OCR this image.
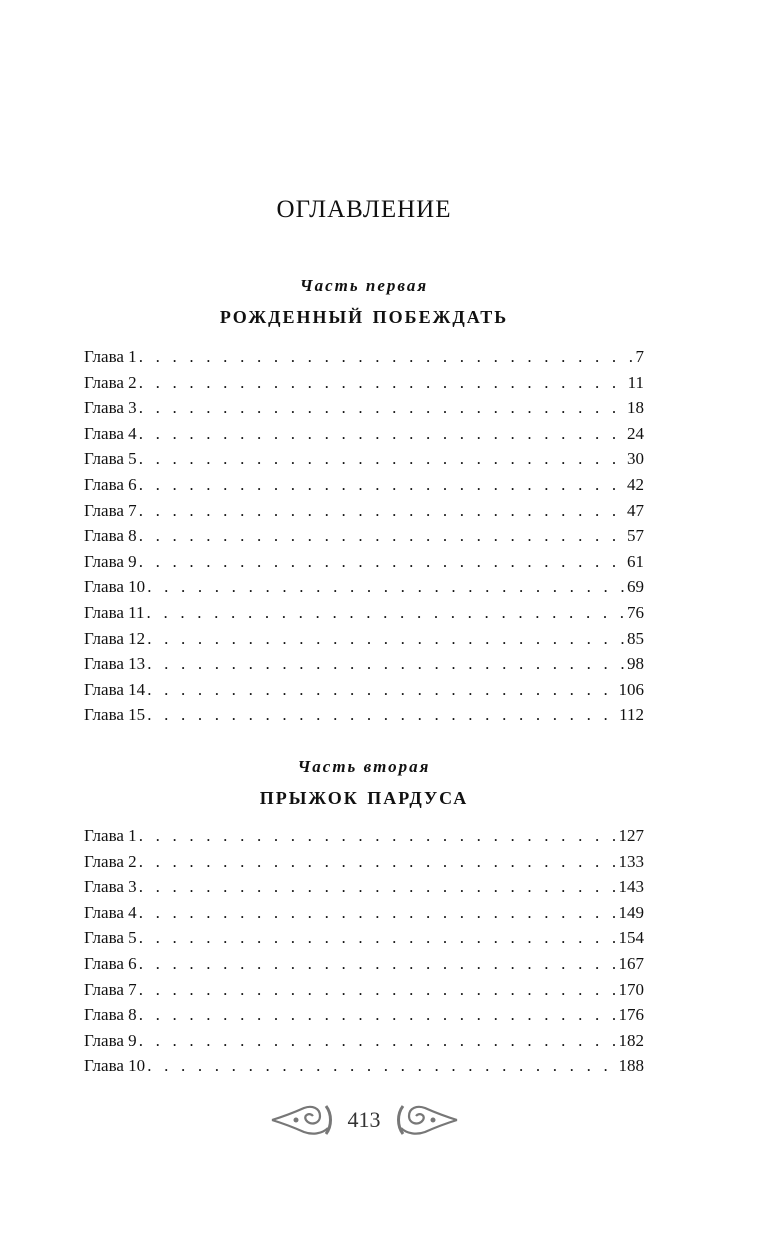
ОГЛАВЛЕНИЕ
Часть первая
рожденный побеждать
Глава 1 . . .	7
Глава 2 . . .	11
Глава 3 . . .	18
Глава 4 . . .	24
Глава 5 . . .	30
Глава 6 . . .	42
Глава 7 . . .	47
Глава 8 . . .	57
Глава 9 . . .	61
Глава 10 . . .	69
Глава 11 . . .	76
Глава 12 . . .	85
Глава 13 . . .	98
Глава 14 . . .	106
Глава 15 . . .	112
Часть вторая
прыжок пардуса
Глава 1 . . .	127
Глава 2 . . .	133
Глава 3 . . .	143
Глава 4 . . .	149
Глава 5 . . .	154
Глава 6 . . .	167
Глава 7 . . .	170
Глава 8 . . .	176
Глава 9 . . .	182
Глава 10 . . .	188
413
